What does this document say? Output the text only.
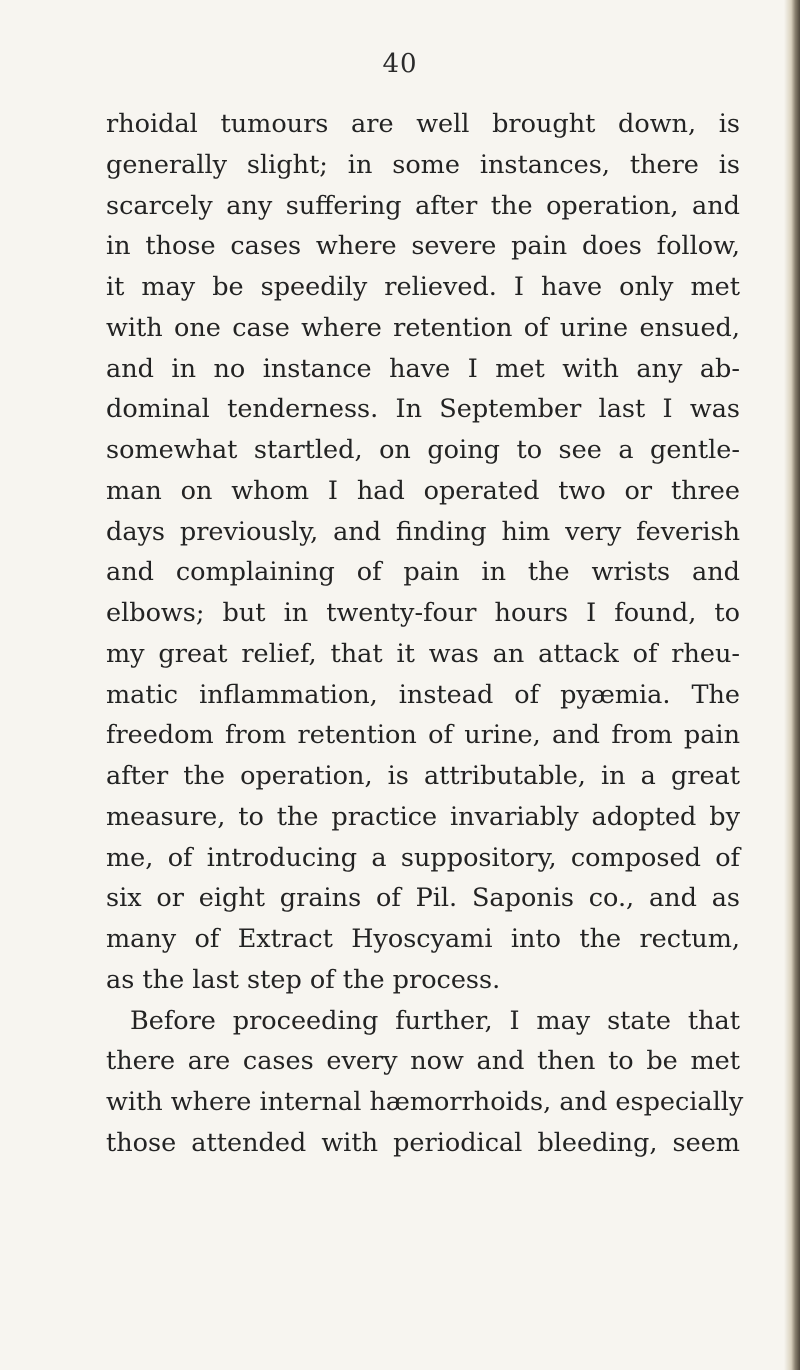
40
rhoidal tumours are well brought down, is
generally slight; in some instances, there is
scarcely any suffering after the operation, and
in those cases where severe pain does follow,
it may be speedily relieved. I have only met
with one case where retention of urine ensued,
and in no instance have I met with any ab-
dominal tenderness. In September last I was
somewhat startled, on going to see a gentle-
man on whom I had operated two or three
days previously, and finding him very feverish
and complaining of pain in the wrists and
elbows; but in twenty-four hours I found, to
my great relief, that it was an attack of rheu-
matic inflammation, instead of pyæmia. The
freedom from retention of urine, and from pain
after the operation, is attributable, in a great
measure, to the practice invariably adopted by
me, of introducing a suppository, composed of
six or eight grains of Pil. Saponis co., and as
many of Extract Hyoscyami into the rectum,
as the last step of the process.
Before proceeding further, I may state that
there are cases every now and then to be met
with where internal hæmorrhoids, and especially
those attended with periodical bleeding, seem
